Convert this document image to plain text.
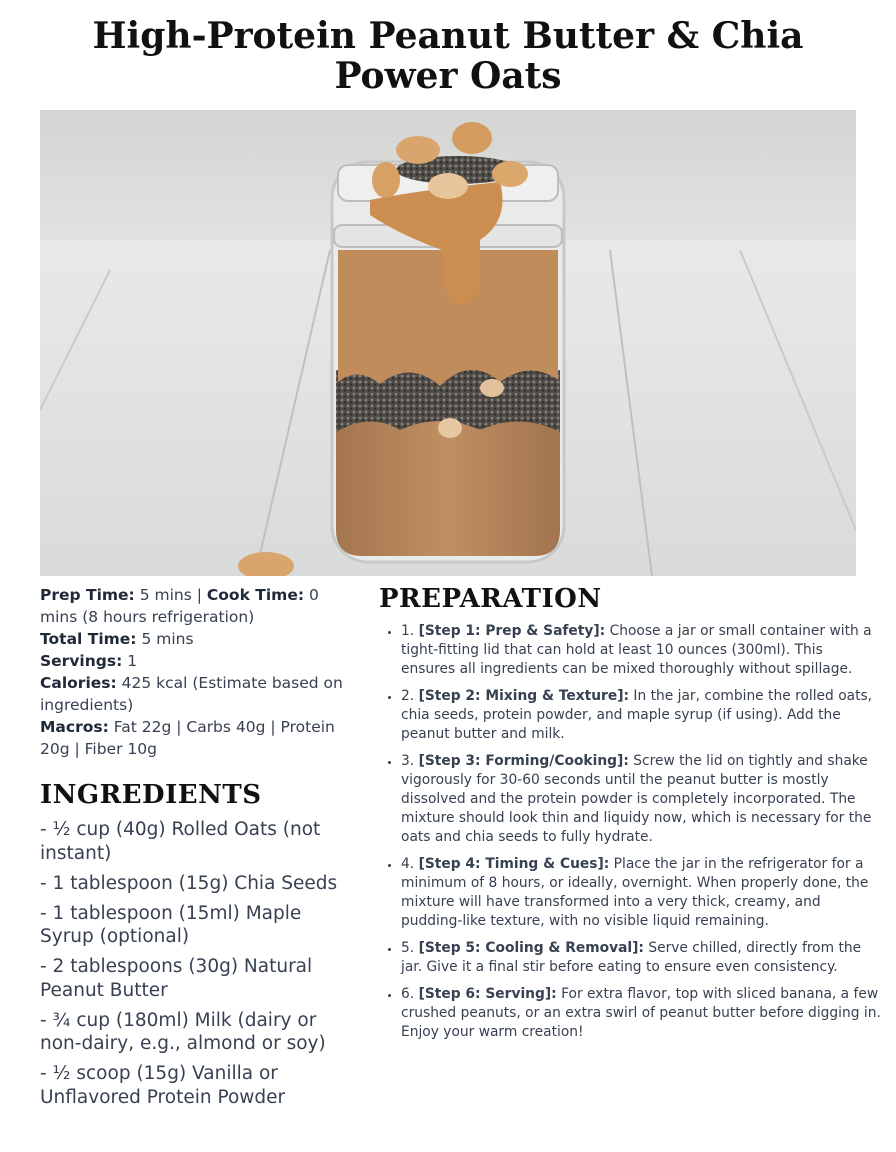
High-Protein Peanut Butter & Chia Power Oats

Prep Time: 5 mins | Cook Time: 0 mins (8 hours refrigeration)

Total Time: 5 mins

Servings: 1

Calories: 425 kcal (Estimate based on ingredients)

Macros: Fat 22g | Carbs 40g | Protein 20g | Fiber 10g

INGREDIENTS
- ½ cup (40g) Rolled Oats (not instant)
- 1 tablespoon (15g) Chia Seeds
- 1 tablespoon (15ml) Maple Syrup (optional)
- 2 tablespoons (30g) Natural Peanut Butter
- ¾ cup (180ml) Milk (dairy or non-dairy, e.g., almond or soy)
- ½ scoop (15g) Vanilla or Unflavored Protein Powder
PREPARATION
• 1. [Step 1: Prep & Safety]: Choose a jar or small container with a tight-fitting lid that can hold at least 10 ounces (300ml). This ensures all ingredients can be mixed thoroughly without spillage.
• 2. [Step 2: Mixing & Texture]: In the jar, combine the rolled oats, chia seeds, protein powder, and maple syrup (if using). Add the peanut butter and milk.
• 3. [Step 3: Forming/Cooking]: Screw the lid on tightly and shake vigorously for 30-60 seconds until the peanut butter is mostly dissolved and the protein powder is completely incorporated. The mixture should look thin and liquidy now, which is necessary for the oats and chia seeds to fully hydrate.
• 4. [Step 4: Timing & Cues]: Place the jar in the refrigerator for a minimum of 8 hours, or ideally, overnight. When properly done, the mixture will have transformed into a very thick, creamy, and pudding-like texture, with no visible liquid remaining.
• 5. [Step 5: Cooling & Removal]: Serve chilled, directly from the jar. Give it a final stir before eating to ensure even consistency.
• 6. [Step 6: Serving]: For extra flavor, top with sliced banana, a few crushed peanuts, or an extra swirl of peanut butter before digging in. Enjoy your warm creation!
